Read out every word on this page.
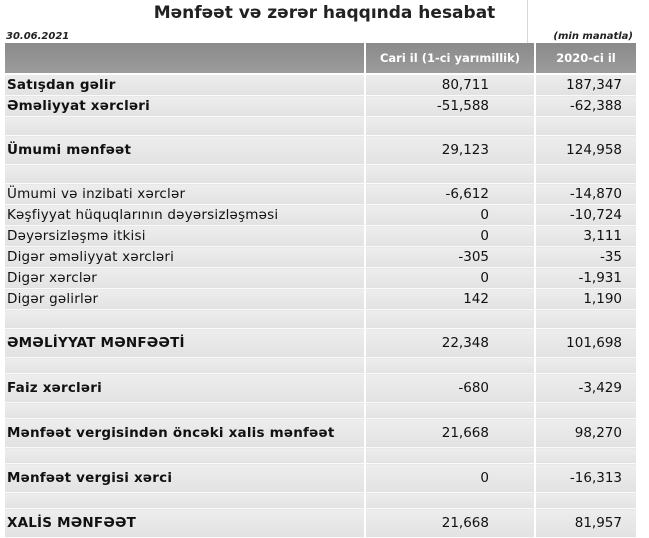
Mənfəət və zərər haqqında hesabat
30.06.2021	(min manatla)
	Cari il (1-ci yarımillik)	2020-ci il
Satışdan gəlir	80,711	187,347
Əməliyyat xərcləri	-51,588	-62,388

Ümumi mənfəət	29,123	124,958

Ümumi və inzibati xərclər	-6,612	-14,870
Kəşfiyyat hüquqlarının dəyərsizləşməsi	0	-10,724
Dəyərsizləşmə itkisi	0	3,111
Digər əməliyyat xərcləri	-305	-35
Digər xərclər	0	-1,931
Digər gəlirlər	142	1,190

ƏMƏLİYYAT MƏNFƏƏTİ	22,348	101,698

Faiz xərcləri	-680	-3,429

Mənfəət vergisindən öncəki xalis mənfəət	21,668	98,270

Mənfəət vergisi xərci	0	-16,313

XALİS MƏNFƏƏT	21,668	81,957
